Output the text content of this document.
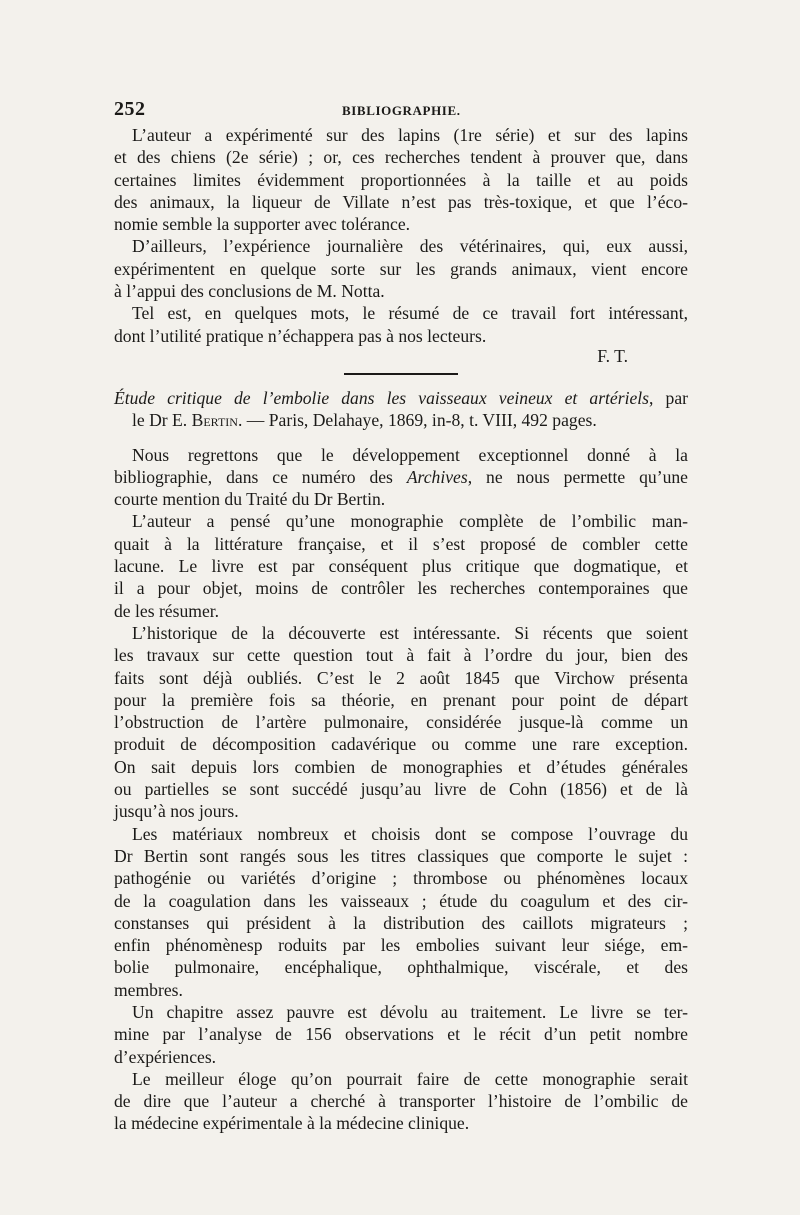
252	BIBLIOGRAPHIE.

L’auteur a expérimenté sur des lapins (1re série) et sur des lapins
et des chiens (2e série) ; or, ces recherches tendent à prouver que, dans
certaines limites évidemment proportionnées à la taille et au poids
des animaux, la liqueur de Villate n’est pas très-toxique, et que l’éco-
nomie semble la supporter avec tolérance.

D’ailleurs, l’expérience journalière des vétérinaires, qui, eux aussi,
expérimentent en quelque sorte sur les grands animaux, vient encore
à l’appui des conclusions de M. Notta.

Tel est, en quelques mots, le résumé de ce travail fort intéressant,
dont l’utilité pratique n’échappera pas à nos lecteurs.

F. T.
Étude critique de l’embolie dans les vaisseaux veineux et artériels, par
le Dr E. Bertin. — Paris, Delahaye, 1869, in-8, t. VIII, 492 pages.

Nous regrettons que le développement exceptionnel donné à la
bibliographie, dans ce numéro des Archives, ne nous permette qu’une
courte mention du Traité du Dr Bertin.

L’auteur a pensé qu’une monographie complète de l’ombilic man-
quait à la littérature française, et il s’est proposé de combler cette
lacune. Le livre est par conséquent plus critique que dogmatique, et
il a pour objet, moins de contrôler les recherches contemporaines que
de les résumer.

L’historique de la découverte est intéressante. Si récents que soient
les travaux sur cette question tout à fait à l’ordre du jour, bien des
faits sont déjà oubliés. C’est le 2 août 1845 que Virchow présenta
pour la première fois sa théorie, en prenant pour point de départ
l’obstruction de l’artère pulmonaire, considérée jusque-là comme un
produit de décomposition cadavérique ou comme une rare exception.
On sait depuis lors combien de monographies et d’études générales
ou partielles se sont succédé jusqu’au livre de Cohn (1856) et de là
jusqu’à nos jours.

Les matériaux nombreux et choisis dont se compose l’ouvrage du
Dr Bertin sont rangés sous les titres classiques que comporte le sujet :
pathogénie ou variétés d’origine ; thrombose ou phénomènes locaux
de la coagulation dans les vaisseaux ; étude du coagulum et des cir-
constanses qui président à la distribution des caillots migrateurs ;
enfin phénomènesp roduits par les embolies suivant leur siége, em-
bolie pulmonaire, encéphalique, ophthalmique, viscérale, et des
membres.

Un chapitre assez pauvre est dévolu au traitement. Le livre se ter-
mine par l’analyse de 156 observations et le récit d’un petit nombre
d’expériences.

Le meilleur éloge qu’on pourrait faire de cette monographie serait
de dire que l’auteur a cherché à transporter l’histoire de l’ombilic de
la médecine expérimentale à la médecine clinique.
